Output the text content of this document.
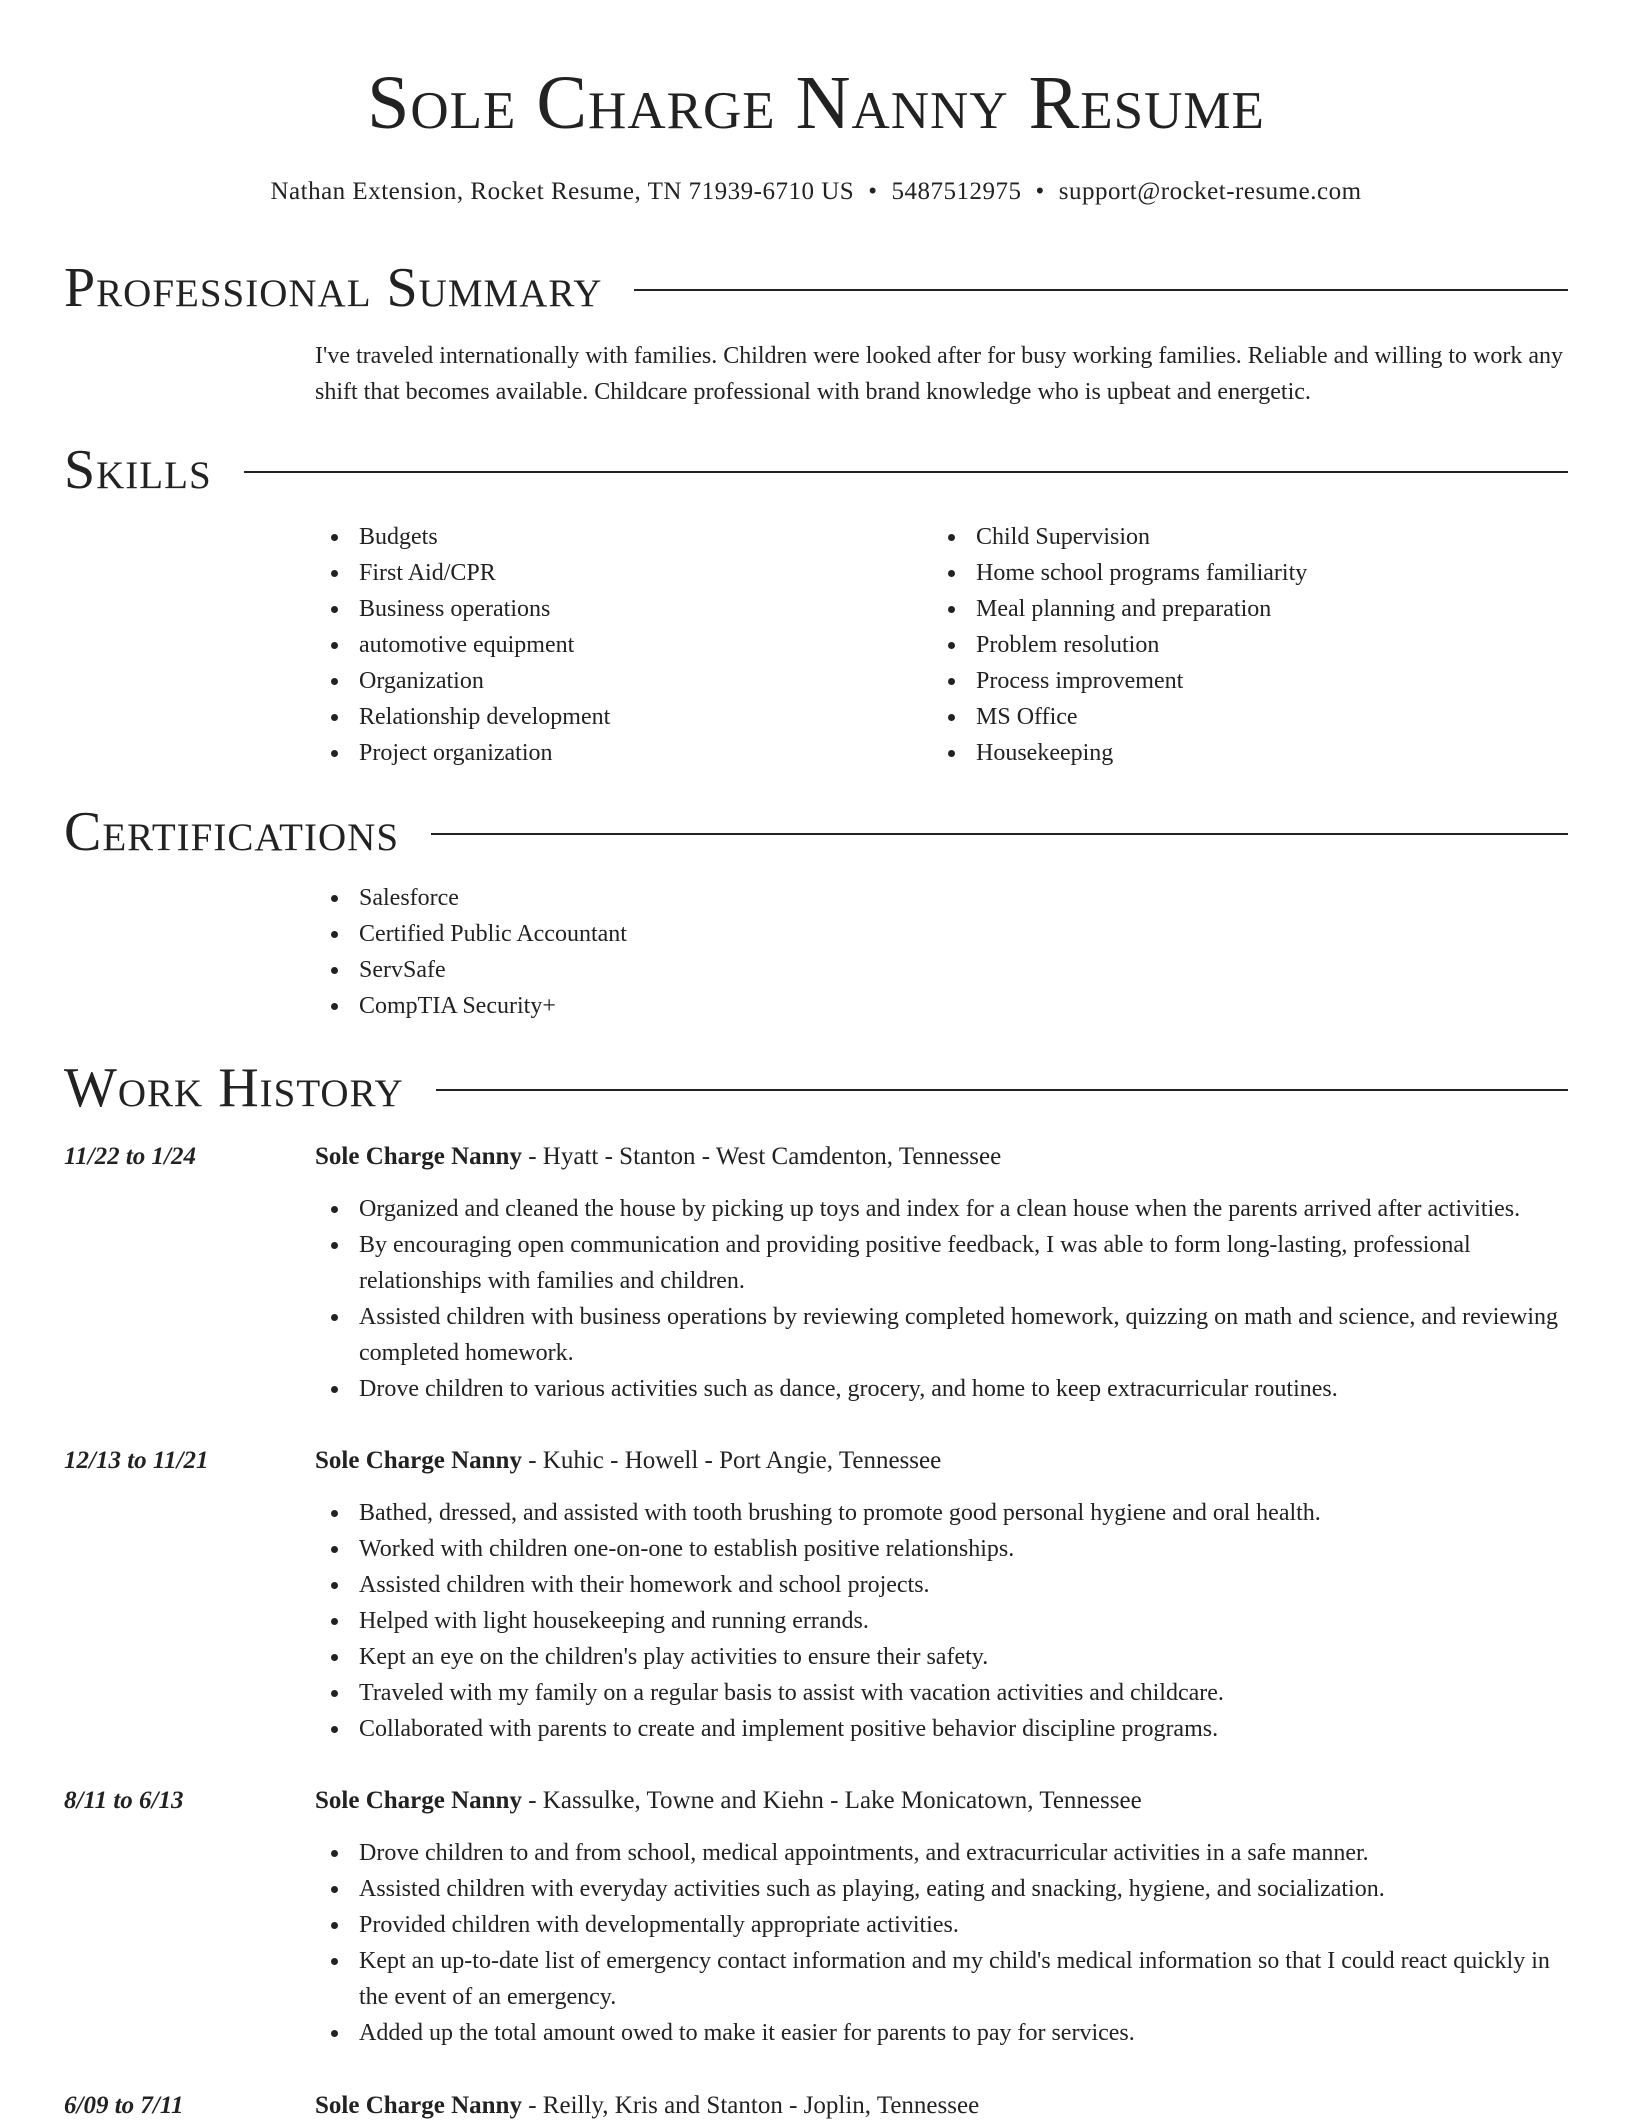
Sole Charge Nanny Resume
Nathan Extension, Rocket Resume, TN 71939-6710 US • 5487512975 • support@rocket-resume.com
Professional Summary

I've traveled internationally with families. Children were looked after for busy working families. Reliable and willing to work any shift that becomes available. Childcare professional with brand knowledge who is upbeat and energetic.

Skills
Budgets
First Aid/CPR
Business operations
automotive equipment
Organization
Relationship development
Project organization
Child Supervision
Home school programs familiarity
Meal planning and preparation
Problem resolution
Process improvement
MS Office
Housekeeping
Certifications
Salesforce
Certified Public Accountant
ServSafe
CompTIA Security+
Work History
11/22 to 1/24	Sole Charge Nanny - Hyatt - Stanton - West Camdenton, Tennessee
Organized and cleaned the house by picking up toys and index for a clean house when the parents arrived after activities.
By encouraging open communication and providing positive feedback, I was able to form long-lasting, professional relationships with families and children.
Assisted children with business operations by reviewing completed homework, quizzing on math and science, and reviewing completed homework.
Drove children to various activities such as dance, grocery, and home to keep extracurricular routines.
12/13 to 11/21	Sole Charge Nanny - Kuhic - Howell - Port Angie, Tennessee
Bathed, dressed, and assisted with tooth brushing to promote good personal hygiene and oral health.
Worked with children one-on-one to establish positive relationships.
Assisted children with their homework and school projects.
Helped with light housekeeping and running errands.
Kept an eye on the children's play activities to ensure their safety.
Traveled with my family on a regular basis to assist with vacation activities and childcare.
Collaborated with parents to create and implement positive behavior discipline programs.
8/11 to 6/13	Sole Charge Nanny - Kassulke, Towne and Kiehn - Lake Monicatown, Tennessee
Drove children to and from school, medical appointments, and extracurricular activities in a safe manner.
Assisted children with everyday activities such as playing, eating and snacking, hygiene, and socialization.
Provided children with developmentally appropriate activities.
Kept an up-to-date list of emergency contact information and my child's medical information so that I could react quickly in the event of an emergency.
Added up the total amount owed to make it easier for parents to pay for services.
6/09 to 7/11	Sole Charge Nanny - Reilly, Kris and Stanton - Joplin, Tennessee
